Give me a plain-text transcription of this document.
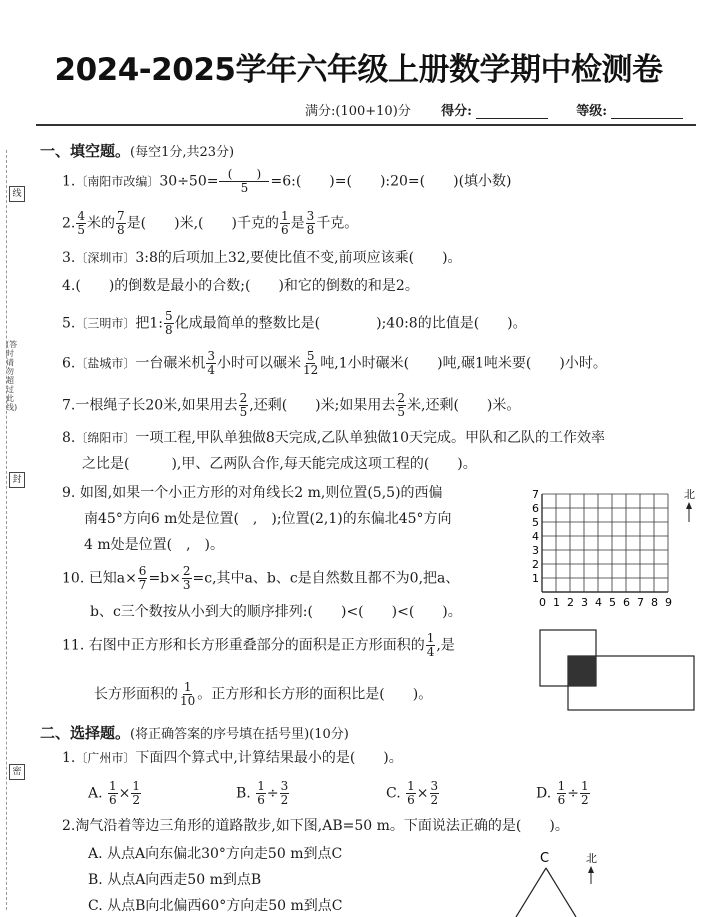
线
(答时请勿超过此线)
封
密
2024-2025学年六年级上册数学期中检测卷
满分:(100+10)分 得分:	等级:
一、填空题。(每空1分,共23分)
1.〔南阳市改编〕$30\div 50= \frac{( )}{5}$ =6:(　　)=(　　):20=(　　)(填小数)
2. $\frac{4}{5}$ 米的 $\frac{7}{8}$ 是(　　)米,(　　)千克的 $\frac{1}{6}$ 是 $\frac{3}{8}$ 千克。
3.〔深圳市〕3:8的后项加上32,要使比值不变,前项应该乘(　　)。
4.(　　)的倒数是最小的合数;(　　)和它的倒数的和是2。
5.〔三明市〕把1: $\frac{5}{8}$ 化成最简单的整数比是(　　　　);40:8的比值是(　　)。
6.〔盐城市〕一台碾米机 $\frac{3}{4}$ 小时可以碾米 $\frac{5}{12}$ 吨,1小时碾米(　　)吨,碾1吨米要(　　)小时。
7.一根绳子长20米,如果用去 $\frac{2}{5}$ ,还剩(　　)米;如果用去 $\frac{2}{5}$ 米,还剩(　　)米。
8.〔绵阳市〕一项工程,甲队单独做8天完成,乙队单独做10天完成。甲队和乙队的工作效率
之比是(　　　),甲、乙两队合作,每天能完成这项工程的(　　)。
9. 如图,如果一个小正方形的对角线长2 m,则位置(5,5)的西偏
南45°方向6 m处是位置(　,　);位置(2,1)的东偏北45°方向
4 m处是位置(　,　)。
10. 已知$a\times \frac{6}{7} =b\times \frac{2}{3} =c$,其中a、b、c是自然数且都不为0,把a、
b、c三个数按从小到大的顺序排列:(　　)<(　　)<(　　)。
11. 右图中正方形和长方形重叠部分的面积是正方形面积的 $\frac{1}{4}$ ,是
长方形面积的 $\frac{1}{10}$ 。正方形和长方形的面积比是(　　)。
7
6
5
4
3
2
1
0 1 2 3 4 5 6 7 8 9
北
二、选择题。(将正确答案的序号填在括号里)(10分)
1.〔广州市〕下面四个算式中,计算结果最小的是(　　)。
A. $\frac{1}{6} \times \frac{1}{2}$	B. $\frac{1}{6} \div \frac{3}{2}$	C. $\frac{1}{6} \times \frac{3}{2}$	D. $\frac{1}{6} \div \frac{1}{2}$
2.淘气沿着等边三角形的道路散步,如下图,AB=50 m。下面说法正确的是(　　)。
A. 从点A向东偏北30°方向走50 m到点C
B. 从点A向西走50 m到点B
C. 从点B向北偏西60°方向走50 m到点C
C	北
